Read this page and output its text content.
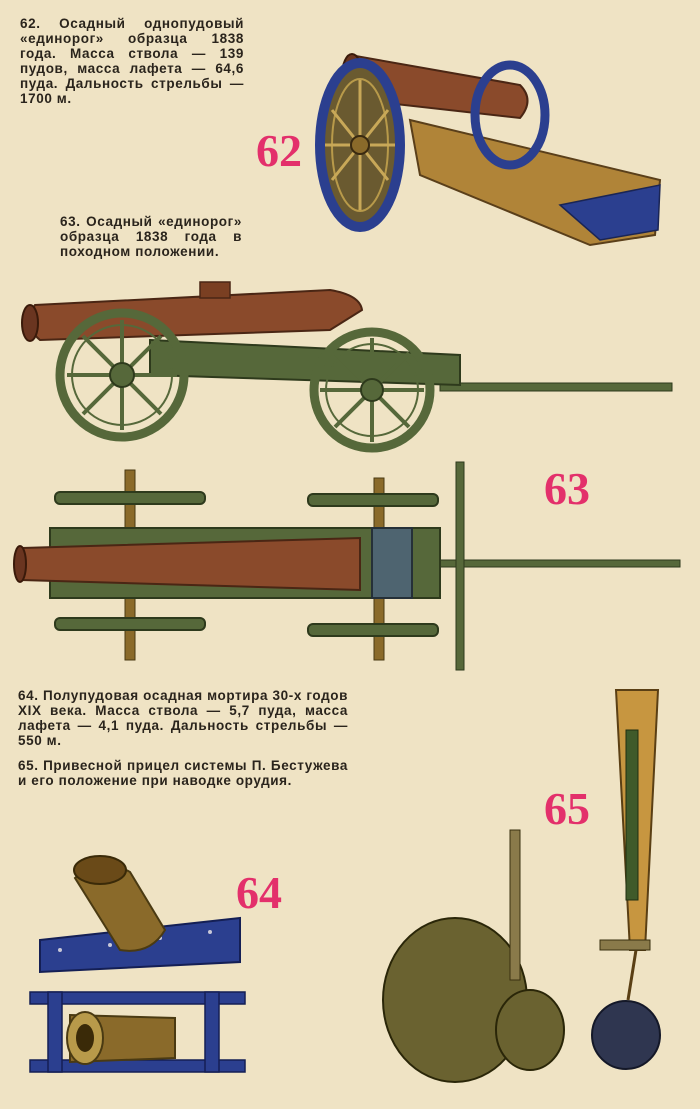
62. Осадный однопудовый «единорог» образца 1838 года. Масса ствола — 139 пудов, масса лафета — 64,6 пуда. Дальность стрельбы — 1700 м.
63. Осадный «единорог» образца 1838 года в походном положении.
64. Полупудовая осадная мортира 30-х годов XIX века. Масса ствола — 5,7 пуда, масса лафета — 4,1 пуда. Дальность стрельбы — 550 м.
65. Привесной прицел системы П. Бестужева и его положение при наводке орудия.
62
63
64
65
